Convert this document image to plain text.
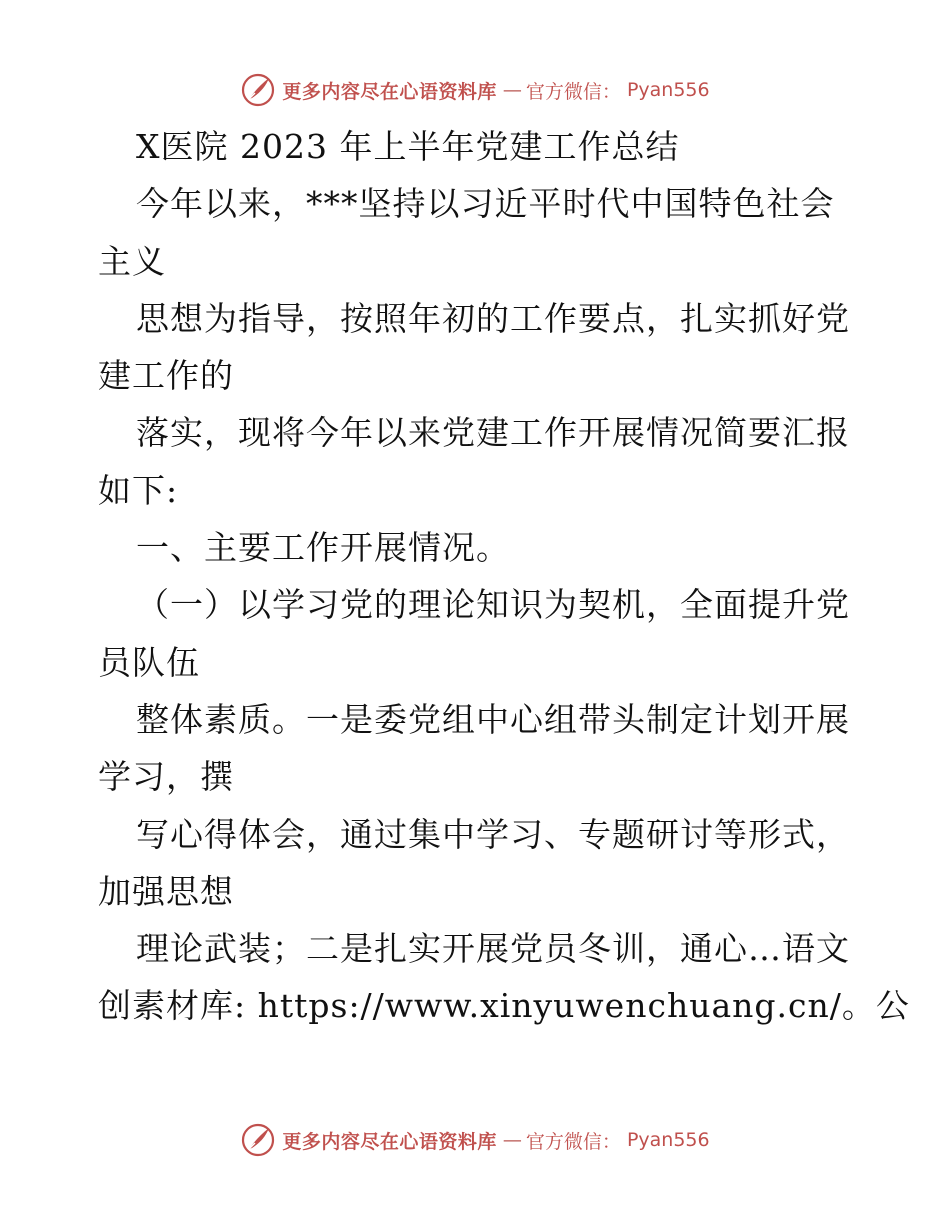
更多内容尽在心语资料库 — 官方微信： Pyan556
X医院 2023 年上半年党建工作总结
今年以来，***坚持以习近平时代中国特色社会
主义
思想为指导，按照年初的工作要点，扎实抓好党
建工作的
落实，现将今年以来党建工作开展情况简要汇报
如下:
一、主要工作开展情况。
（一）以学习党的理论知识为契机，全面提升党
员队伍
整体素质。一是委党组中心组带头制定计划开展
学习，撰
写心得体会，通过集中学习、专题研讨等形式，
加强思想
理论武装；二是扎实开展党员冬训，通心…语文
创素材库: https://www.xinyuwenchuang.cn/。公
更多内容尽在心语资料库 — 官方微信： Pyan556
